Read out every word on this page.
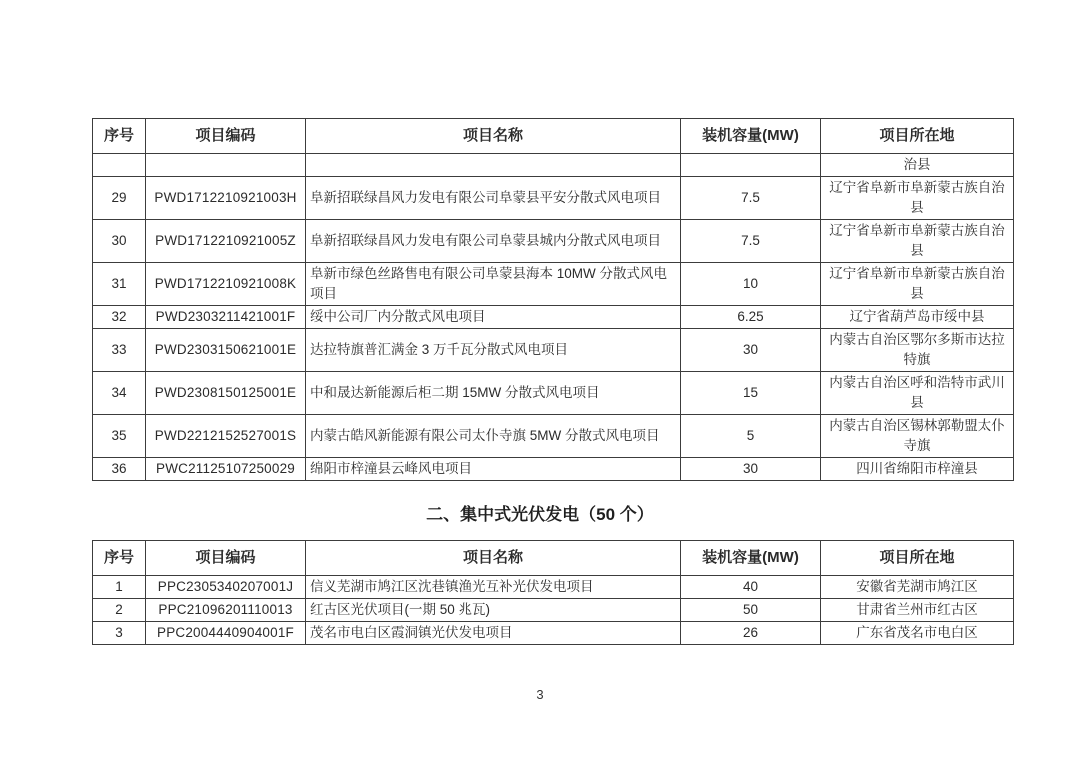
序号	项目编码	项目名称	装机容量(MW)	项目所在地
				治县
29	PWD1712210921003H	阜新招联绿昌风力发电有限公司阜蒙县平安分散式风电项目	7.5	辽宁省阜新市阜新蒙古族自治县
30	PWD1712210921005Z	阜新招联绿昌风力发电有限公司阜蒙县城内分散式风电项目	7.5	辽宁省阜新市阜新蒙古族自治县
31	PWD1712210921008K	阜新市绿色丝路售电有限公司阜蒙县海本 10MW 分散式风电项目	10	辽宁省阜新市阜新蒙古族自治县
32	PWD2303211421001F	绥中公司厂内分散式风电项目	6.25	辽宁省葫芦岛市绥中县
33	PWD2303150621001E	达拉特旗普汇满金 3 万千瓦分散式风电项目	30	内蒙古自治区鄂尔多斯市达拉特旗
34	PWD2308150125001E	中和晟达新能源后柜二期 15MW 分散式风电项目	15	内蒙古自治区呼和浩特市武川县
35	PWD2212152527001S	内蒙古皓风新能源有限公司太仆寺旗 5MW 分散式风电项目	5	内蒙古自治区锡林郭勒盟太仆寺旗
36	PWC21125107250029	绵阳市梓潼县云峰风电项目	30	四川省绵阳市梓潼县
二、集中式光伏发电（50 个）
序号	项目编码	项目名称	装机容量(MW)	项目所在地
1	PPC2305340207001J	信义芜湖市鸠江区沈巷镇渔光互补光伏发电项目	40	安徽省芜湖市鸠江区
2	PPC21096201110013	红古区光伏项目(一期 50 兆瓦)	50	甘肃省兰州市红古区
3	PPC2004440904001F	茂名市电白区霞洞镇光伏发电项目	26	广东省茂名市电白区
3
